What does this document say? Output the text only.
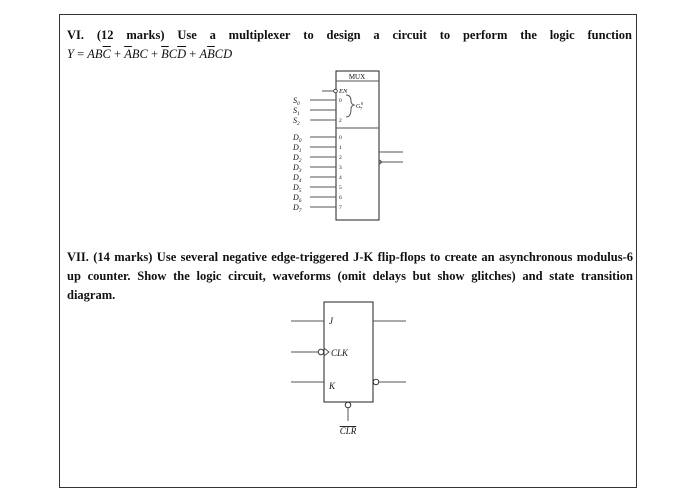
VI. (12 marks) Use a multiplexer to design a circuit to perform the logic function
$Y = AB\overline{C} + \overline{A}BC + \overline{B}C\overline{D} + A\overline{B}CD$
MUX
EN
$G^0$ 7
$S_0$	0
$S_1$
$S_2$	2
$D_0$	0
$D_1$	1
$D_2$	2
$D_3$	3
$D_4$	4
$D_5$	5
$D_6$	6
$D_7$	7

VII. (14 marks) Use several negative edge-triggered J-K flip-flops to create an asynchronous modulus-6 up counter. Show the logic circuit, waveforms (omit delays but show glitches) and state transition diagram.

J
CLK
K
CLR
